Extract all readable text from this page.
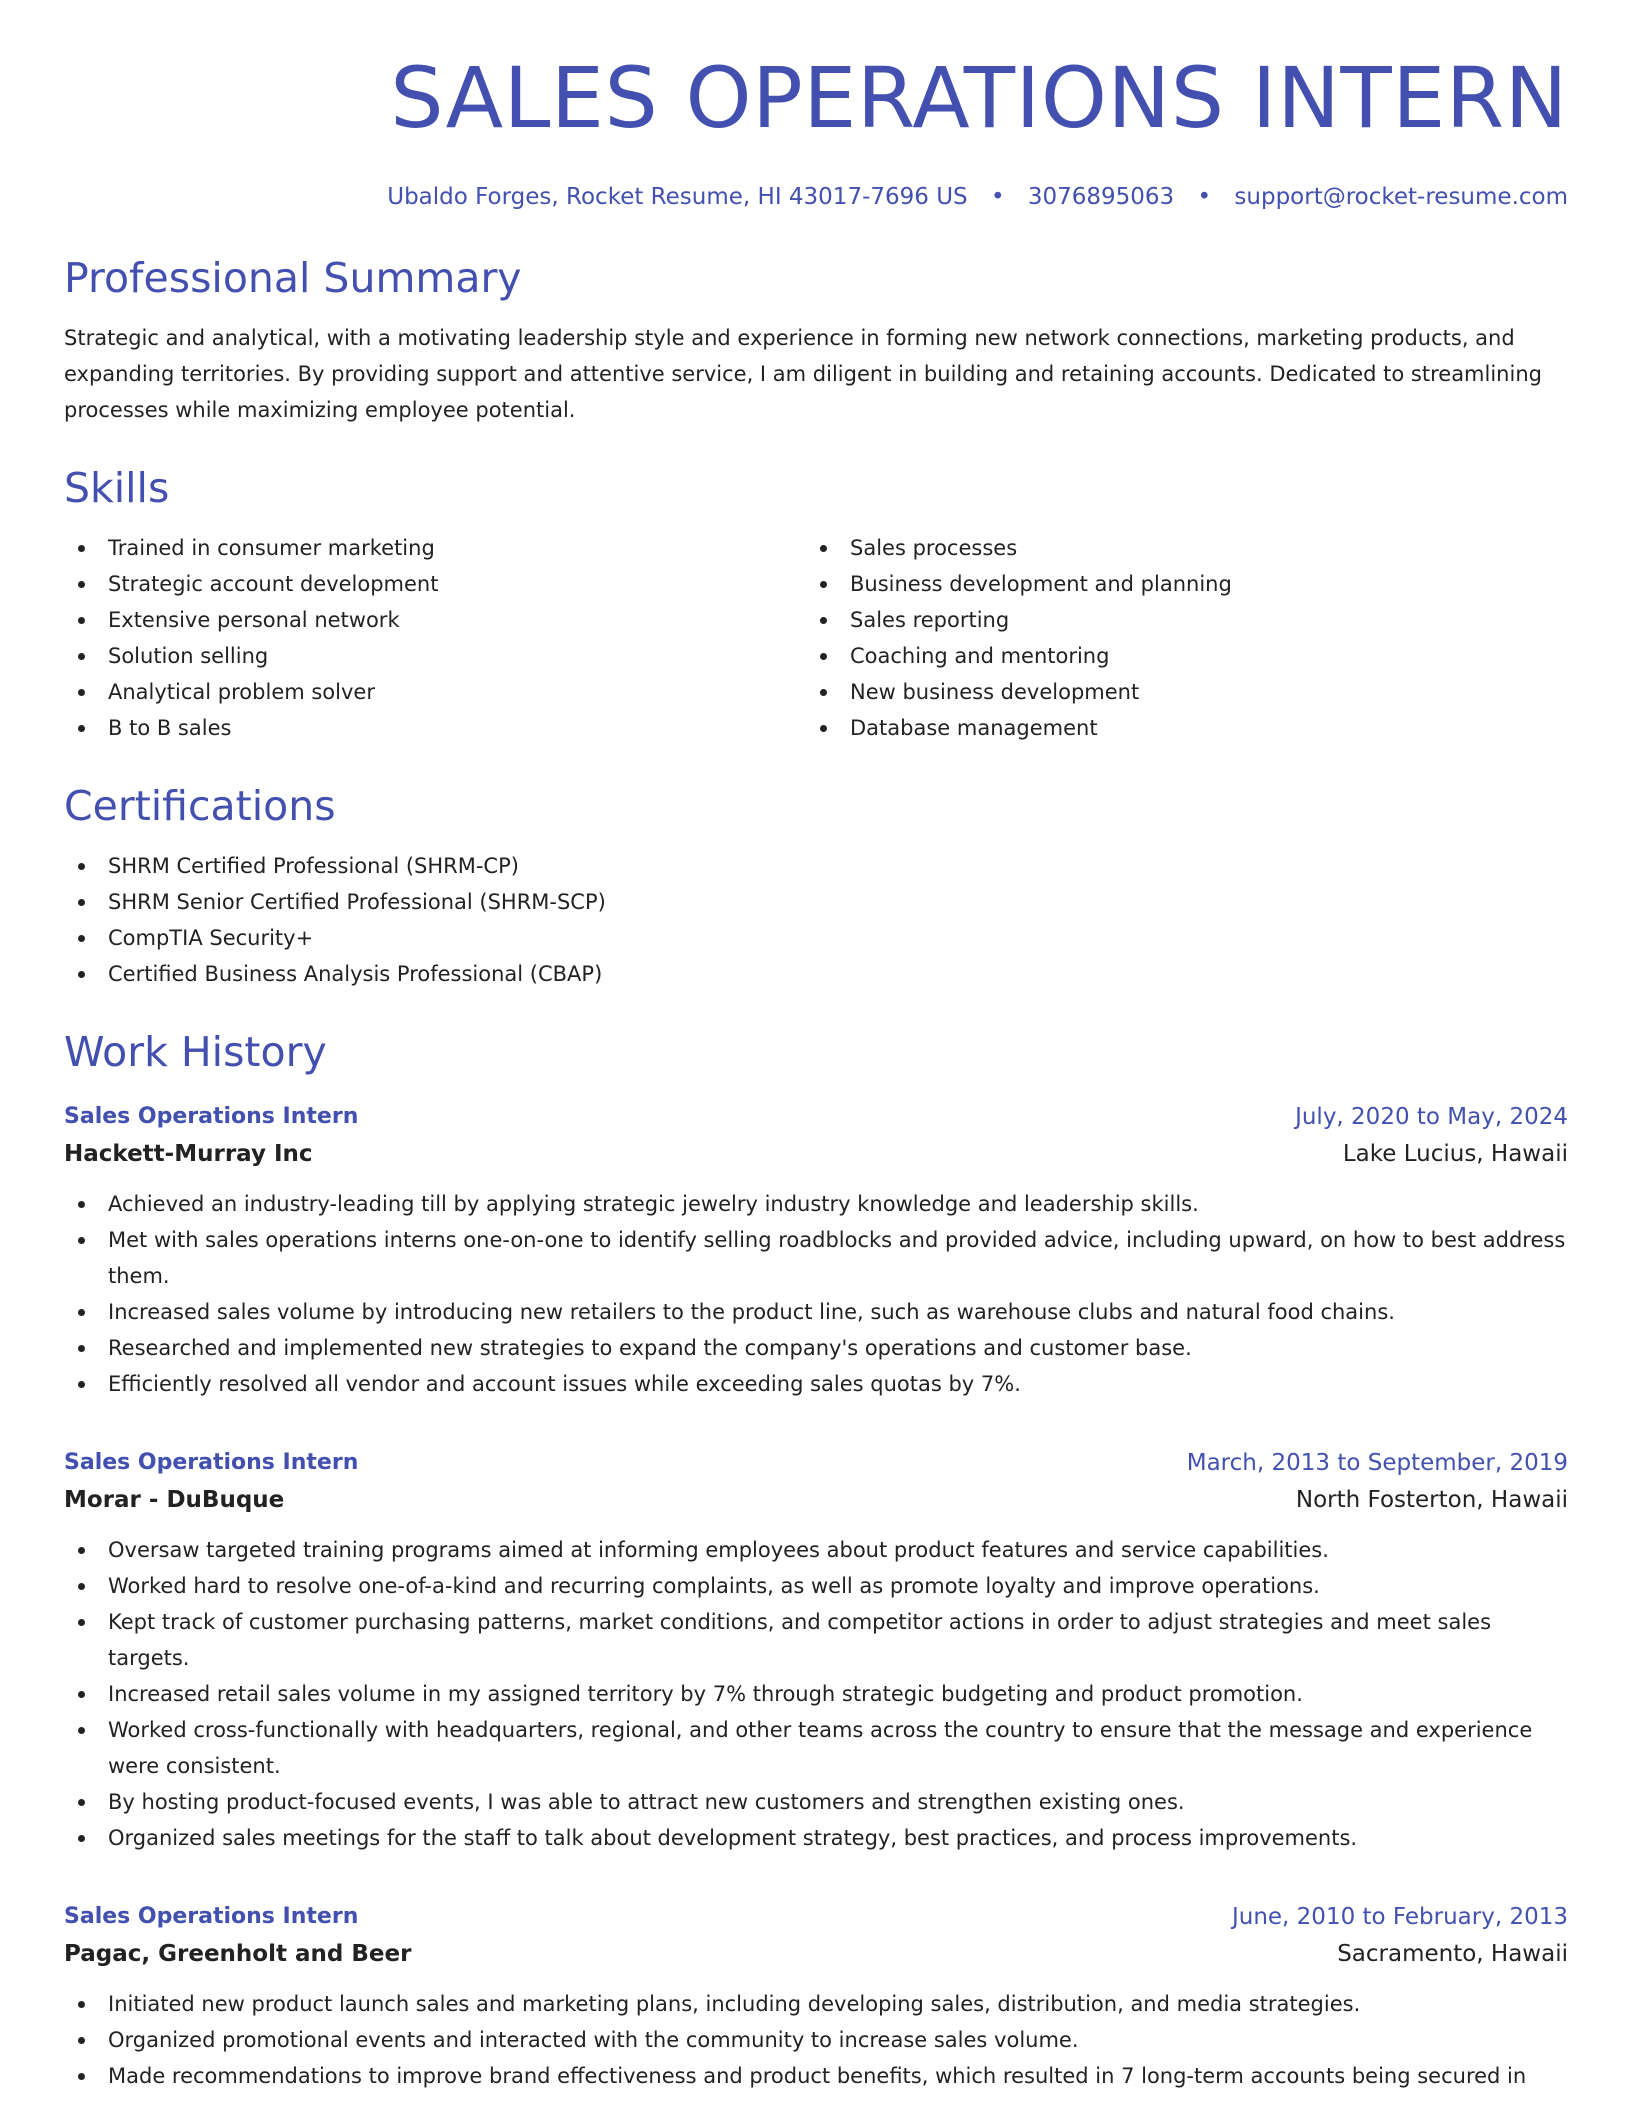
SALES OPERATIONS INTERN
Ubaldo Forges, Rocket Resume, HI 43017-7696 US • 3076895063 • support@rocket-resume.com
Professional Summary
Strategic and analytical, with a motivating leadership style and experience in forming new network connections, marketing products, and expanding territories. By providing support and attentive service, I am diligent in building and retaining accounts. Dedicated to streamlining processes while maximizing employee potential.
Skills
Trained in consumer marketing
Strategic account development
Extensive personal network
Solution selling
Analytical problem solver
B to B sales
Sales processes
Business development and planning
Sales reporting
Coaching and mentoring
New business development
Database management
Certifications
SHRM Certified Professional (SHRM-CP)
SHRM Senior Certified Professional (SHRM-SCP)
CompTIA Security+
Certified Business Analysis Professional (CBAP)
Work History
Sales Operations Intern	July, 2020 to May, 2024
Hackett-Murray Inc	Lake Lucius, Hawaii
Achieved an industry-leading till by applying strategic jewelry industry knowledge and leadership skills.
Met with sales operations interns one-on-one to identify selling roadblocks and provided advice, including upward, on how to best address them.
Increased sales volume by introducing new retailers to the product line, such as warehouse clubs and natural food chains.
Researched and implemented new strategies to expand the company's operations and customer base.
Efficiently resolved all vendor and account issues while exceeding sales quotas by 7%.
Sales Operations Intern	March, 2013 to September, 2019
Morar - DuBuque	North Fosterton, Hawaii
Oversaw targeted training programs aimed at informing employees about product features and service capabilities.
Worked hard to resolve one-of-a-kind and recurring complaints, as well as promote loyalty and improve operations.
Kept track of customer purchasing patterns, market conditions, and competitor actions in order to adjust strategies and meet sales targets.
Increased retail sales volume in my assigned territory by 7% through strategic budgeting and product promotion.
Worked cross-functionally with headquarters, regional, and other teams across the country to ensure that the message and experience were consistent.
By hosting product-focused events, I was able to attract new customers and strengthen existing ones.
Organized sales meetings for the staff to talk about development strategy, best practices, and process improvements.
Sales Operations Intern	June, 2010 to February, 2013
Pagac, Greenholt and Beer	Sacramento, Hawaii
Initiated new product launch sales and marketing plans, including developing sales, distribution, and media strategies.
Organized promotional events and interacted with the community to increase sales volume.
Made recommendations to improve brand effectiveness and product benefits, which resulted in 7 long-term accounts being secured in
